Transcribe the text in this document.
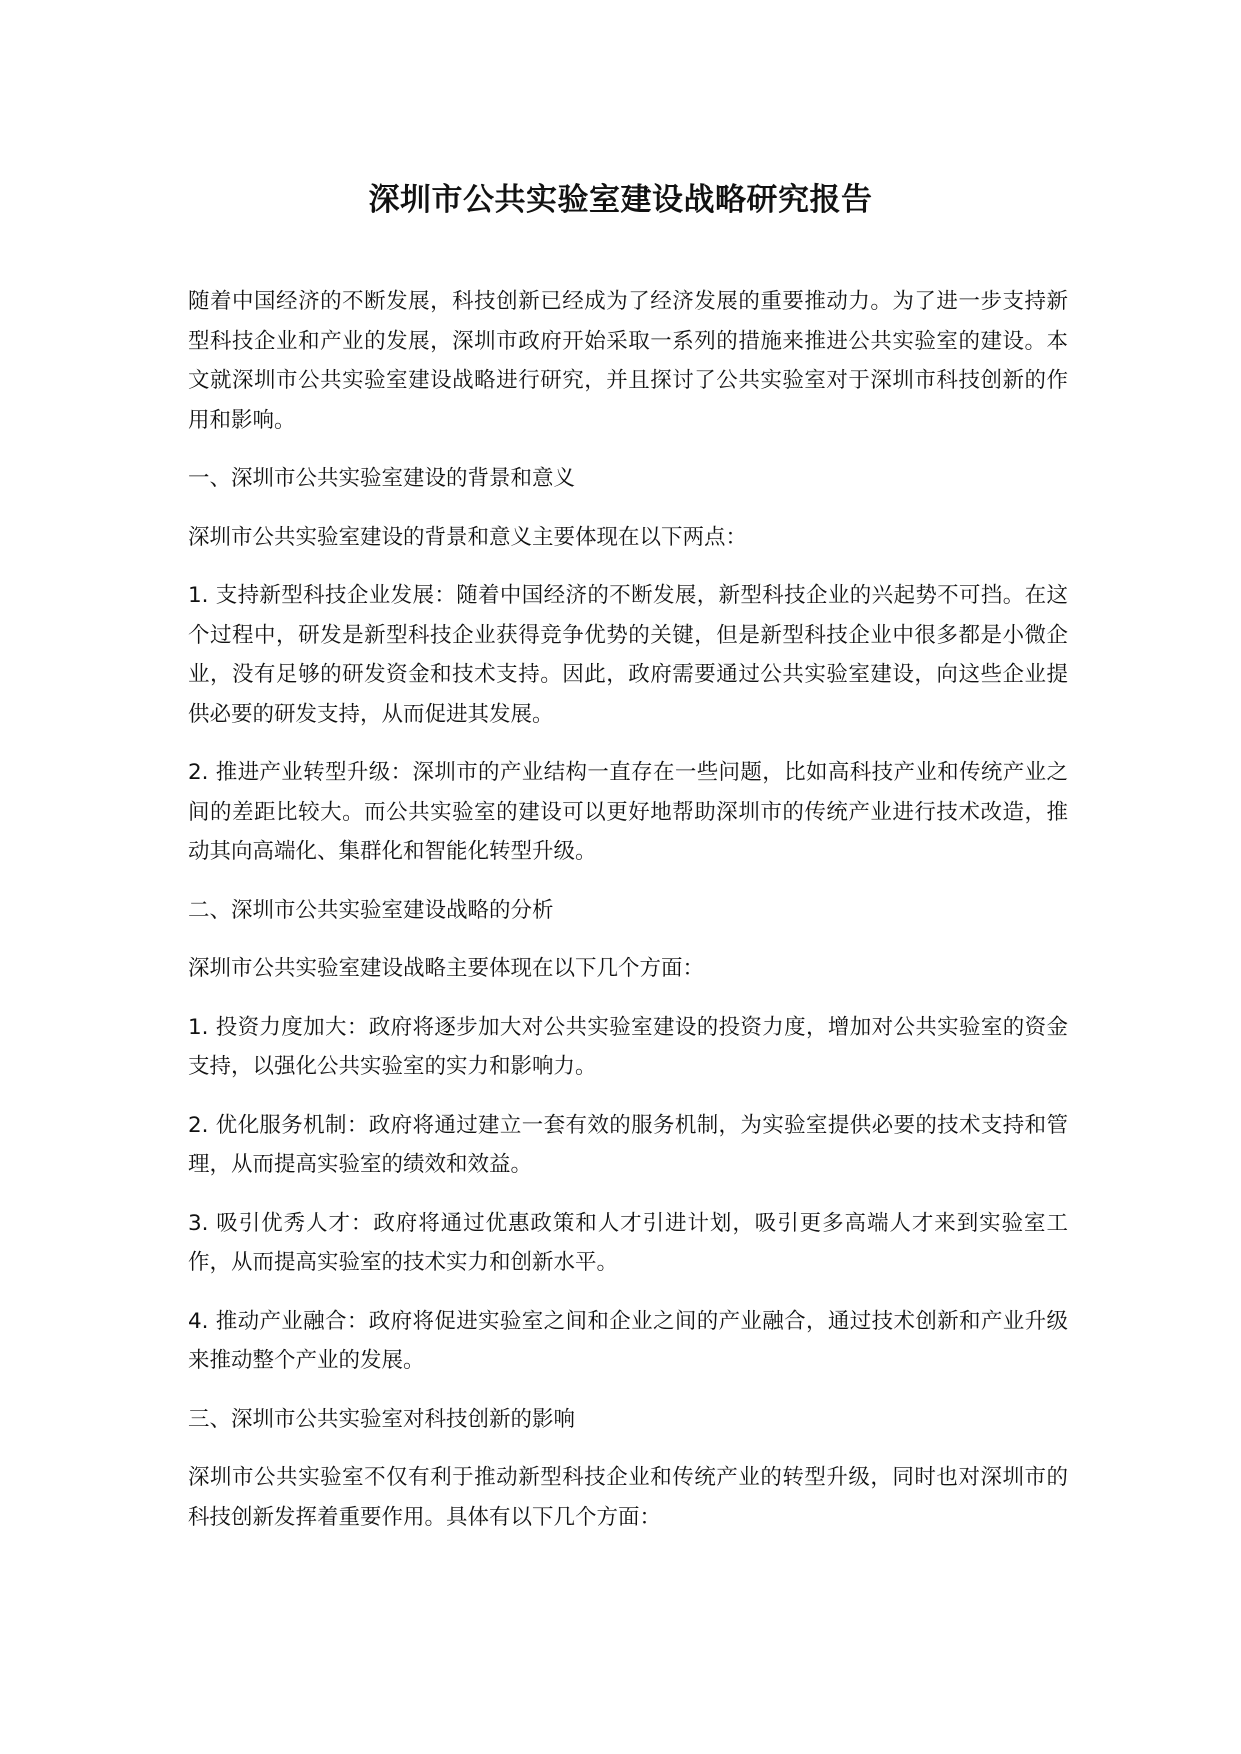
深圳市公共实验室建设战略研究报告

随着中国经济的不断发展，科技创新已经成为了经济发展的重要推动力。为了进一步支持新型科技企业和产业的发展，深圳市政府开始采取一系列的措施来推进公共实验室的建设。本文就深圳市公共实验室建设战略进行研究，并且探讨了公共实验室对于深圳市科技创新的作用和影响。

一、深圳市公共实验室建设的背景和意义

深圳市公共实验室建设的背景和意义主要体现在以下两点：

1. 支持新型科技企业发展：随着中国经济的不断发展，新型科技企业的兴起势不可挡。在这个过程中，研发是新型科技企业获得竞争优势的关键，但是新型科技企业中很多都是小微企业，没有足够的研发资金和技术支持。因此，政府需要通过公共实验室建设，向这些企业提供必要的研发支持，从而促进其发展。

2. 推进产业转型升级：深圳市的产业结构一直存在一些问题，比如高科技产业和传统产业之间的差距比较大。而公共实验室的建设可以更好地帮助深圳市的传统产业进行技术改造，推动其向高端化、集群化和智能化转型升级。

二、深圳市公共实验室建设战略的分析

深圳市公共实验室建设战略主要体现在以下几个方面：

1. 投资力度加大：政府将逐步加大对公共实验室建设的投资力度，增加对公共实验室的资金支持，以强化公共实验室的实力和影响力。

2. 优化服务机制：政府将通过建立一套有效的服务机制，为实验室提供必要的技术支持和管理，从而提高实验室的绩效和效益。

3. 吸引优秀人才：政府将通过优惠政策和人才引进计划，吸引更多高端人才来到实验室工作，从而提高实验室的技术实力和创新水平。

4. 推动产业融合：政府将促进实验室之间和企业之间的产业融合，通过技术创新和产业升级来推动整个产业的发展。

三、深圳市公共实验室对科技创新的影响

深圳市公共实验室不仅有利于推动新型科技企业和传统产业的转型升级，同时也对深圳市的科技创新发挥着重要作用。具体有以下几个方面：
